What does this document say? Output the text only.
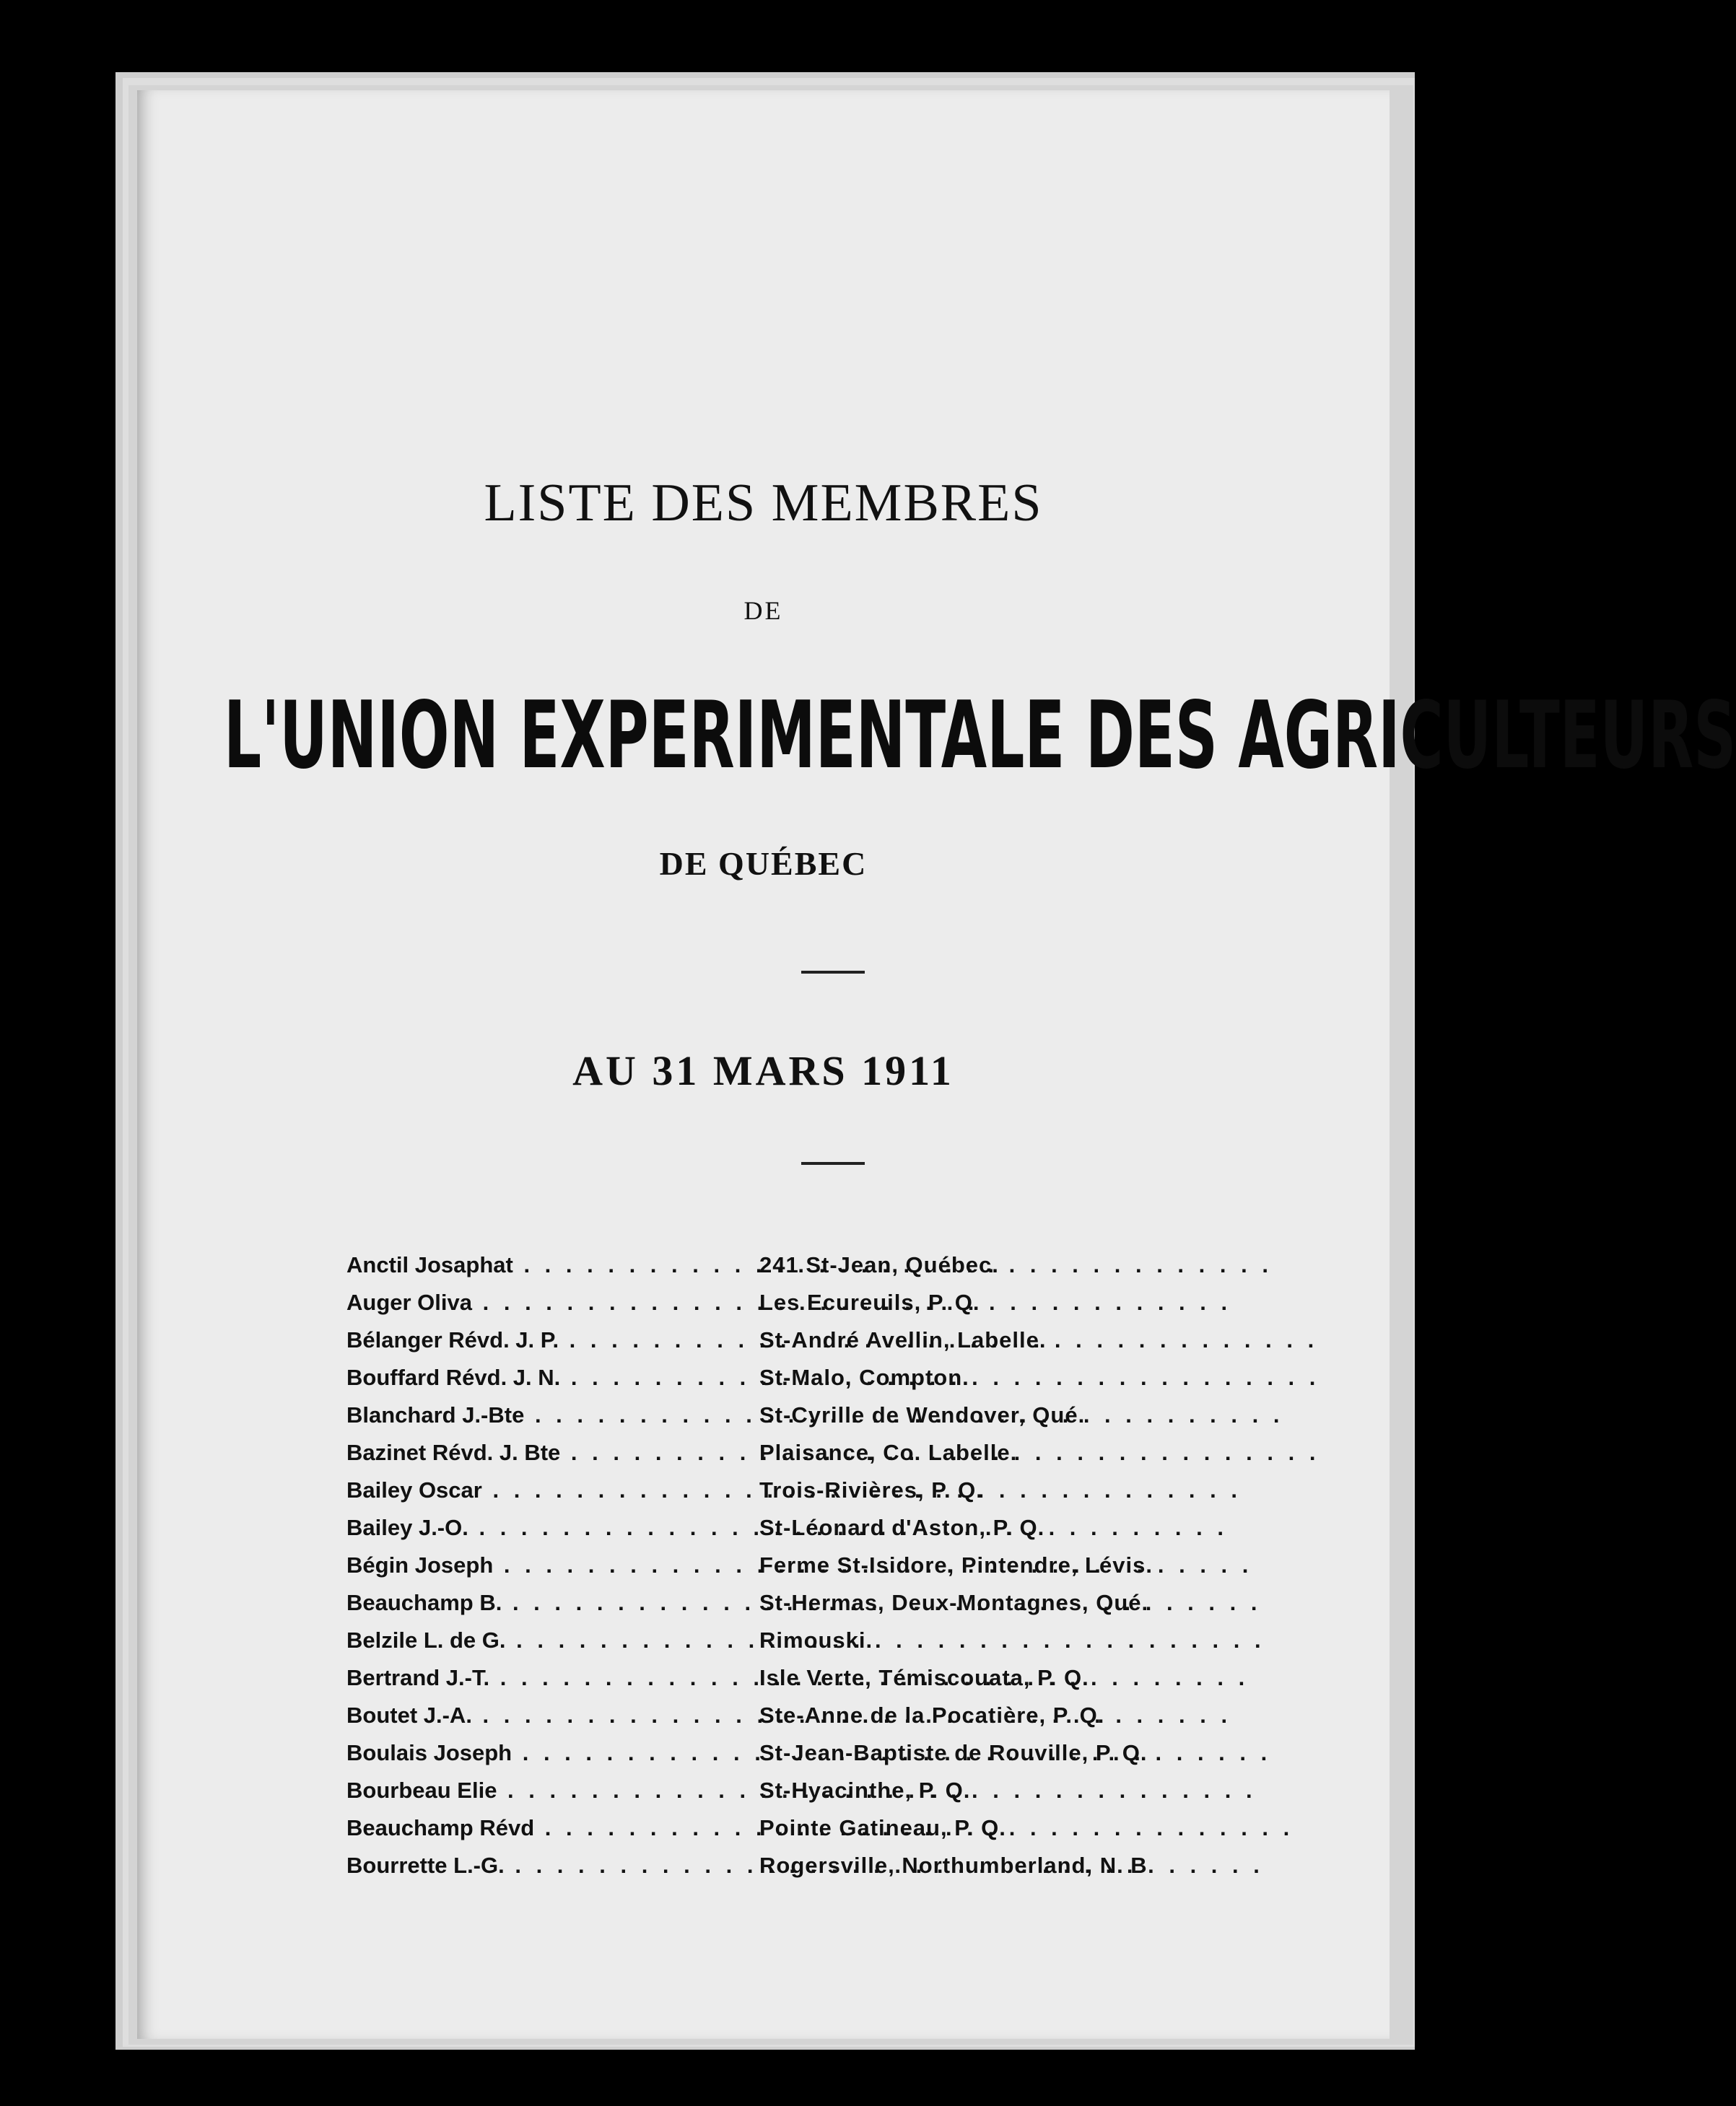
LISTE DES MEMBRES
DE
L'UNION EXPERIMENTALE DES AGRICULTEURS
DE QUÉBEC
AU 31 MARS 1911
Anctil Josaphat . . .	241 St-Jean, Québec.
Auger Oliva . . .	Les Ecureuils, P. Q.
Bélanger Révd. J. P. . . .	St-André Avellin, Labelle.
Bouffard Révd. J. N. . . .	St-Malo, Compton.
Blanchard J.-Bte . . .	St-Cyrille de Wendover, Qué.
Bazinet Révd. J. Bte . . .	Plaisance, Co. Labelle.
Bailey Oscar . . .	Trois-Rivières, P. Q.
Bailey J.-O. . . .	St-Léonard d'Aston, P. Q.
Bégin Joseph . . .	Ferme St-Isidore, Pintendre, Lévis.
Beauchamp B. . . .	St-Hermas, Deux-Montagnes, Qué.
Belzile L. de G. . . .	Rimouski.
Bertrand J.-T. . . .	Isle Verte, Témiscouata, P. Q.
Boutet J.-A. . . .	Ste-Anne de la Pocatière, P. Q.
Boulais Joseph . . .	St-Jean-Baptiste de Rouville, P. Q.
Bourbeau Elie . . .	St-Hyacinthe, P. Q.
Beauchamp Révd . . .	Pointe Gatineau, P. Q.
Bourrette L.-G. . . .	Rogersville, Northumberland, N. B
